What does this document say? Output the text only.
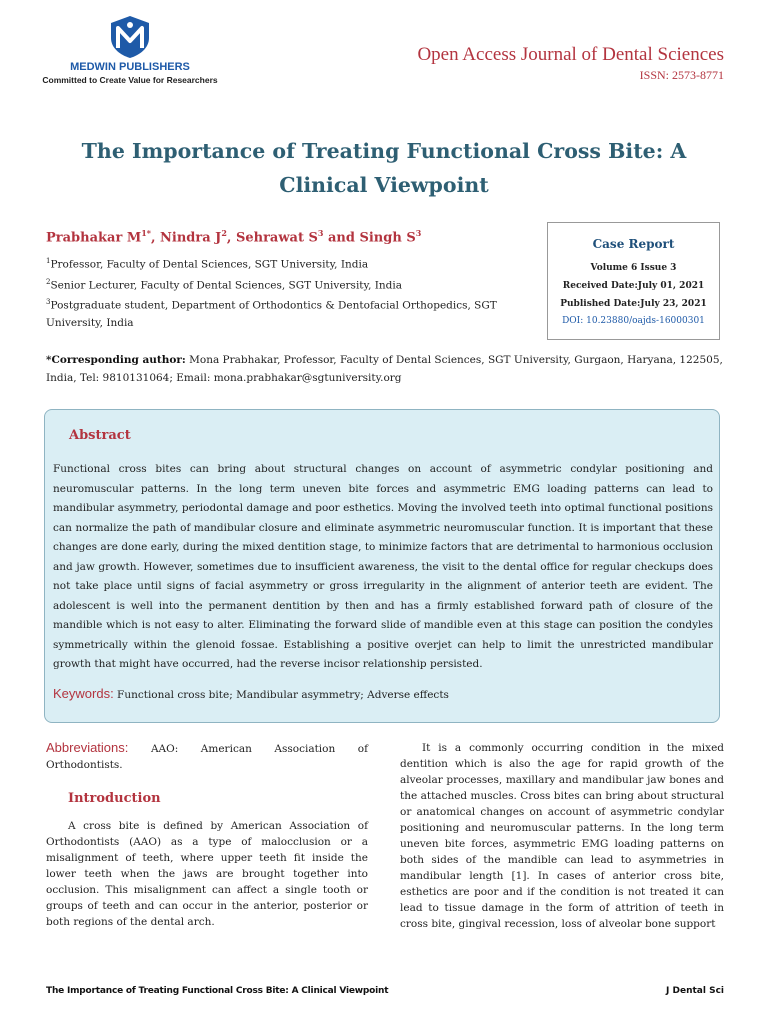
MEDWIN PUBLISHERS
Committed to Create Value for Researchers
Open Access Journal of Dental Sciences
ISSN: 2573-8771
The Importance of Treating Functional Cross Bite: A Clinical Viewpoint
Prabhakar $M^{1*}$, Nindra $J^2$, Sehrawat $S^3$ and Singh $S^3$
$^1$Professor, Faculty of Dental Sciences, SGT University, India
$^2$Senior Lecturer, Faculty of Dental Sciences, SGT University, India
$^3$Postgraduate student, Department of Orthodontics & Dentofacial Orthopedics, SGT University, India
Case Report
Volume 6 Issue 3
Received Date:July 01, 2021
Published Date:July 23, 2021
DOI: 10.23880/oajds-16000301
*Corresponding author: Mona Prabhakar, Professor, Faculty of Dental Sciences, SGT University, Gurgaon, Haryana, 122505, India, Tel: 9810131064; Email: mona.prabhakar@sgtuniversity.org
Abstract
Functional cross bites can bring about structural changes on account of asymmetric condylar positioning and neuromuscular patterns. In the long term uneven bite forces and asymmetric EMG loading patterns can lead to mandibular asymmetry, periodontal damage and poor esthetics. Moving the involved teeth into optimal functional positions can normalize the path of mandibular closure and eliminate asymmetric neuromuscular function. It is important that these changes are done early, during the mixed dentition stage, to minimize factors that are detrimental to harmonious occlusion and jaw growth. However, sometimes due to insufficient awareness, the visit to the dental office for regular checkups does not take place until signs of facial asymmetry or gross irregularity in the alignment of anterior teeth are evident. The adolescent is well into the permanent dentition by then and has a firmly established forward path of closure of the mandible which is not easy to alter. Eliminating the forward slide of mandible even at this stage can position the condyles symmetrically within the glenoid fossae. Establishing a positive overjet can help to limit the unrestricted mandibular growth that might have occurred, had the reverse incisor relationship persisted.
Keywords: Functional cross bite; Mandibular asymmetry; Adverse effects
Abbreviations: AAO: American Association of Orthodontists.
Introduction
A cross bite is defined by American Association of Orthodontists (AAO) as a type of malocclusion or a misalignment of teeth, where upper teeth fit inside the lower teeth when the jaws are brought together into occlusion. This misalignment can affect a single tooth or groups of teeth and can occur in the anterior, posterior or both regions of the dental arch.
It is a commonly occurring condition in the mixed dentition which is also the age for rapid growth of the alveolar processes, maxillary and mandibular jaw bones and the attached muscles. Cross bites can bring about structural or anatomical changes on account of asymmetric condylar positioning and neuromuscular patterns. In the long term uneven bite forces, asymmetric EMG loading patterns on both sides of the mandible can lead to asymmetries in mandibular length [1]. In cases of anterior cross bite, esthetics are poor and if the condition is not treated it can lead to tissue damage in the form of attrition of teeth in cross bite, gingival recession, loss of alveolar bone support
The Importance of Treating Functional Cross Bite: A Clinical Viewpoint	J Dental Sci
